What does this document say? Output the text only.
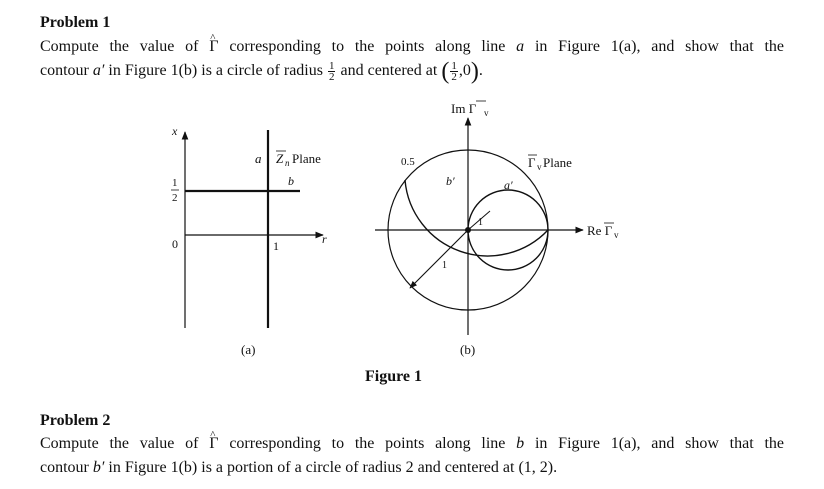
Problem 1
Compute the value of ^ Γ corresponding to the points along line a in Figure 1(a), and show that the
contour a′ in Figure 1(b) is a circle of radius $\frac{1}{2}$ and centered at ( $\frac{1}{2} ,0$).
x
r
1
2
0	1
a Z n Plane
b
(a)
Im Γ v
Re Γ v
Γ v Plane
0.5
b′	a′
1
1
(b)
Figure 1
Problem 2
Compute the value of ^ Γ corresponding to the points along line b in Figure 1(a), and show that the
contour b′ in Figure 1(b) is a portion of a circle of radius 2 and centered at (1, 2).
